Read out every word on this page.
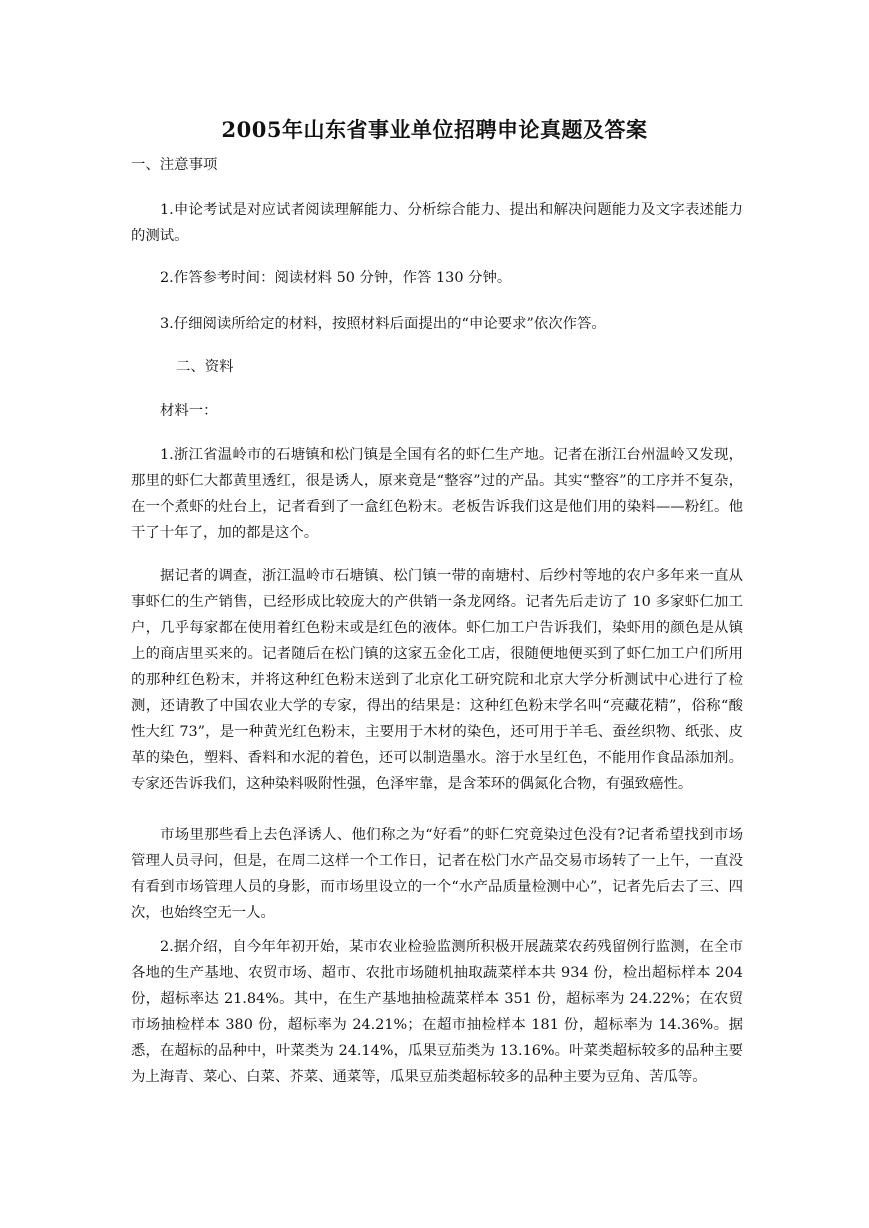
2005年山东省事业单位招聘申论真题及答案

一、注意事项

1.申论考试是对应试者阅读理解能力、分析综合能力、提出和解决问题能力及文字表述能力的测试。

2.作答参考时间：阅读材料 50 分钟，作答 130 分钟。

3.仔细阅读所给定的材料，按照材料后面提出的“申论要求”依次作答。

二、资料

材料一：

1.浙江省温岭市的石塘镇和松门镇是全国有名的虾仁生产地。记者在浙江台州温岭又发现，那里的虾仁大都黄里透红，很是诱人，原来竟是“整容”过的产品。其实“整容”的工序并不复杂，在一个煮虾的灶台上，记者看到了一盒红色粉末。老板告诉我们这是他们用的染料——粉红。他干了十年了，加的都是这个。

据记者的调查，浙江温岭市石塘镇、松门镇一带的南塘村、后纱村等地的农户多年来一直从事虾仁的生产销售，已经形成比较庞大的产供销一条龙网络。记者先后走访了 10 多家虾仁加工户，几乎每家都在使用着红色粉末或是红色的液体。虾仁加工户告诉我们，染虾用的颜色是从镇上的商店里买来的。记者随后在松门镇的这家五金化工店，很随便地便买到了虾仁加工户们所用的那种红色粉末，并将这种红色粉末送到了北京化工研究院和北京大学分析测试中心进行了检测，还请教了中国农业大学的专家，得出的结果是：这种红色粉末学名叫“亮藏花精”，俗称“酸性大红 73”，是一种黄光红色粉末，主要用于木材的染色，还可用于羊毛、蚕丝织物、纸张、皮革的染色，塑料、香料和水泥的着色，还可以制造墨水。溶于水呈红色，不能用作食品添加剂。专家还告诉我们，这种染料吸附性强，色泽牢靠，是含苯环的偶氮化合物，有强致癌性。

市场里那些看上去色泽诱人、他们称之为“好看”的虾仁究竟染过色没有?记者希望找到市场管理人员寻问，但是，在周二这样一个工作日，记者在松门水产品交易市场转了一上午，一直没有看到市场管理人员的身影，而市场里设立的一个“水产品质量检测中心”，记者先后去了三、四次，也始终空无一人。

2.据介绍，自今年年初开始，某市农业检验监测所积极开展蔬菜农药残留例行监测，在全市各地的生产基地、农贸市场、超市、农批市场随机抽取蔬菜样本共 934 份，检出超标样本 204 份，超标率达 21.84%。其中，在生产基地抽检蔬菜样本 351 份，超标率为 24.22%；在农贸市场抽检样本 380 份，超标率为 24.21%；在超市抽检样本 181 份，超标率为 14.36%。据悉，在超标的品种中，叶菜类为 24.14%，瓜果豆茄类为 13.16%。叶菜类超标较多的品种主要为上海青、菜心、白菜、芥菜、通菜等，瓜果豆茄类超标较多的品种主要为豆角、苦瓜等。
